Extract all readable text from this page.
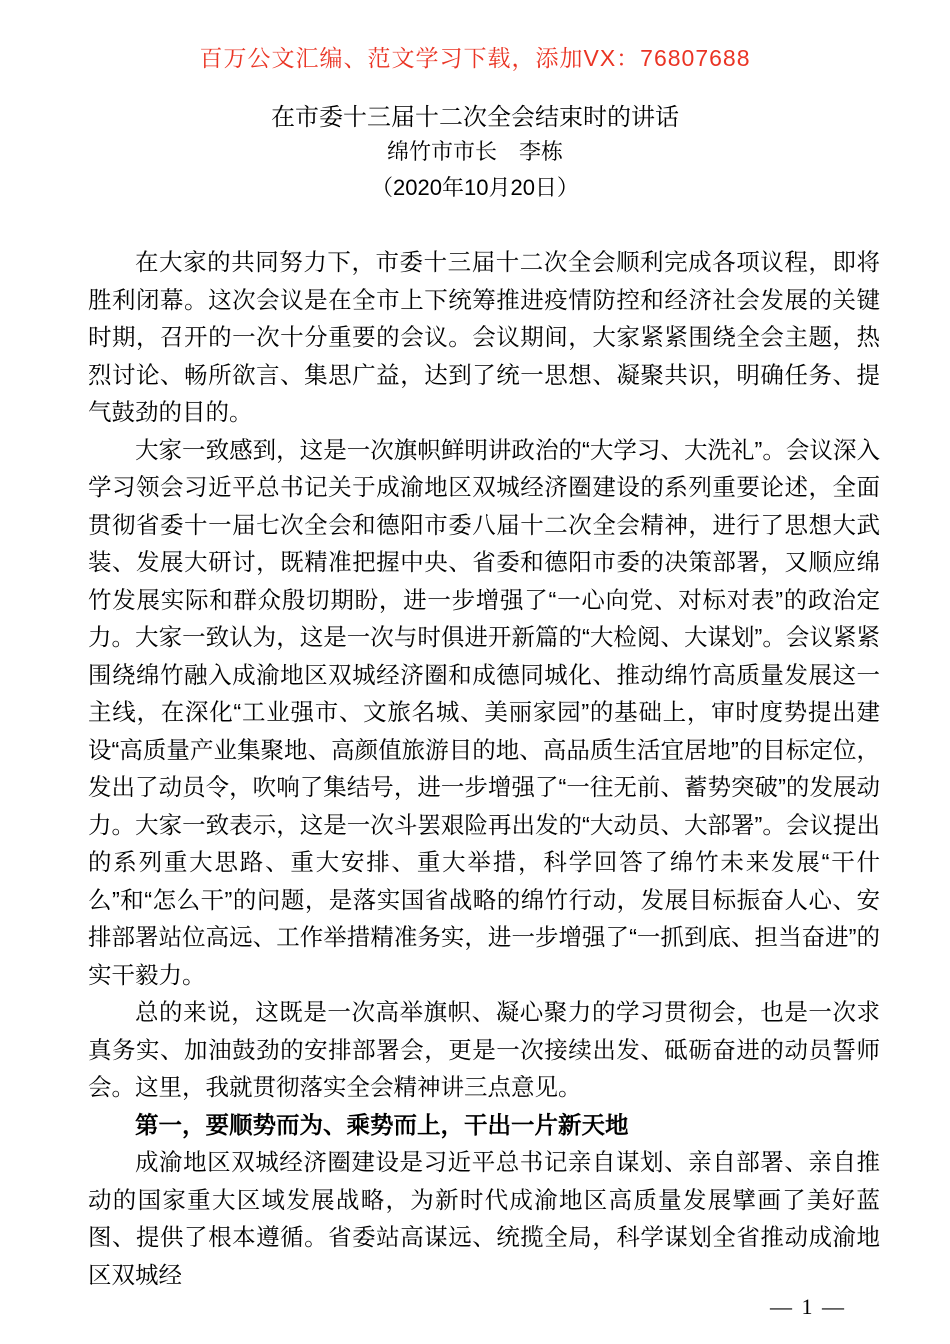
百万公文汇编、范文学习下载，添加VX：76807688
在市委十三届十二次全会结束时的讲话
绵竹市市长　李栋
（2020年10月20日）

在大家的共同努力下，市委十三届十二次全会顺利完成各项议程，即将胜利闭幕。这次会议是在全市上下统筹推进疫情防控和经济社会发展的关键时期，召开的一次十分重要的会议。会议期间，大家紧紧围绕全会主题，热烈讨论、畅所欲言、集思广益，达到了统一思想、凝聚共识，明确任务、提气鼓劲的目的。

大家一致感到，这是一次旗帜鲜明讲政治的“大学习、大洗礼”。会议深入学习领会习近平总书记关于成渝地区双城经济圈建设的系列重要论述，全面贯彻省委十一届七次全会和德阳市委八届十二次全会精神，进行了思想大武装、发展大研讨，既精准把握中央、省委和德阳市委的决策部署，又顺应绵竹发展实际和群众殷切期盼，进一步增强了“一心向党、对标对表”的政治定力。大家一致认为，这是一次与时俱进开新篇的“大检阅、大谋划”。会议紧紧围绕绵竹融入成渝地区双城经济圈和成德同城化、推动绵竹高质量发展这一主线，在深化“工业强市、文旅名城、美丽家园”的基础上，审时度势提出建设“高质量产业集聚地、高颜值旅游目的地、高品质生活宜居地”的目标定位，发出了动员令，吹响了集结号，进一步增强了“一往无前、蓄势突破”的发展动力。大家一致表示，这是一次斗罢艰险再出发的“大动员、大部署”。会议提出的系列重大思路、重大安排、重大举措，科学回答了绵竹未来发展“干什么”和“怎么干”的问题，是落实国省战略的绵竹行动，发展目标振奋人心、安排部署站位高远、工作举措精准务实，进一步增强了“一抓到底、担当奋进”的实干毅力。

总的来说，这既是一次高举旗帜、凝心聚力的学习贯彻会，也是一次求真务实、加油鼓劲的安排部署会，更是一次接续出发、砥砺奋进的动员誓师会。这里，我就贯彻落实全会精神讲三点意见。

第一，要顺势而为、乘势而上，干出一片新天地

成渝地区双城经济圈建设是习近平总书记亲自谋划、亲自部署、亲自推动的国家重大区域发展战略，为新时代成渝地区高质量发展擘画了美好蓝图、提供了根本遵循。省委站高谋远、统揽全局，科学谋划全省推动成渝地区双城经

— 1 —
